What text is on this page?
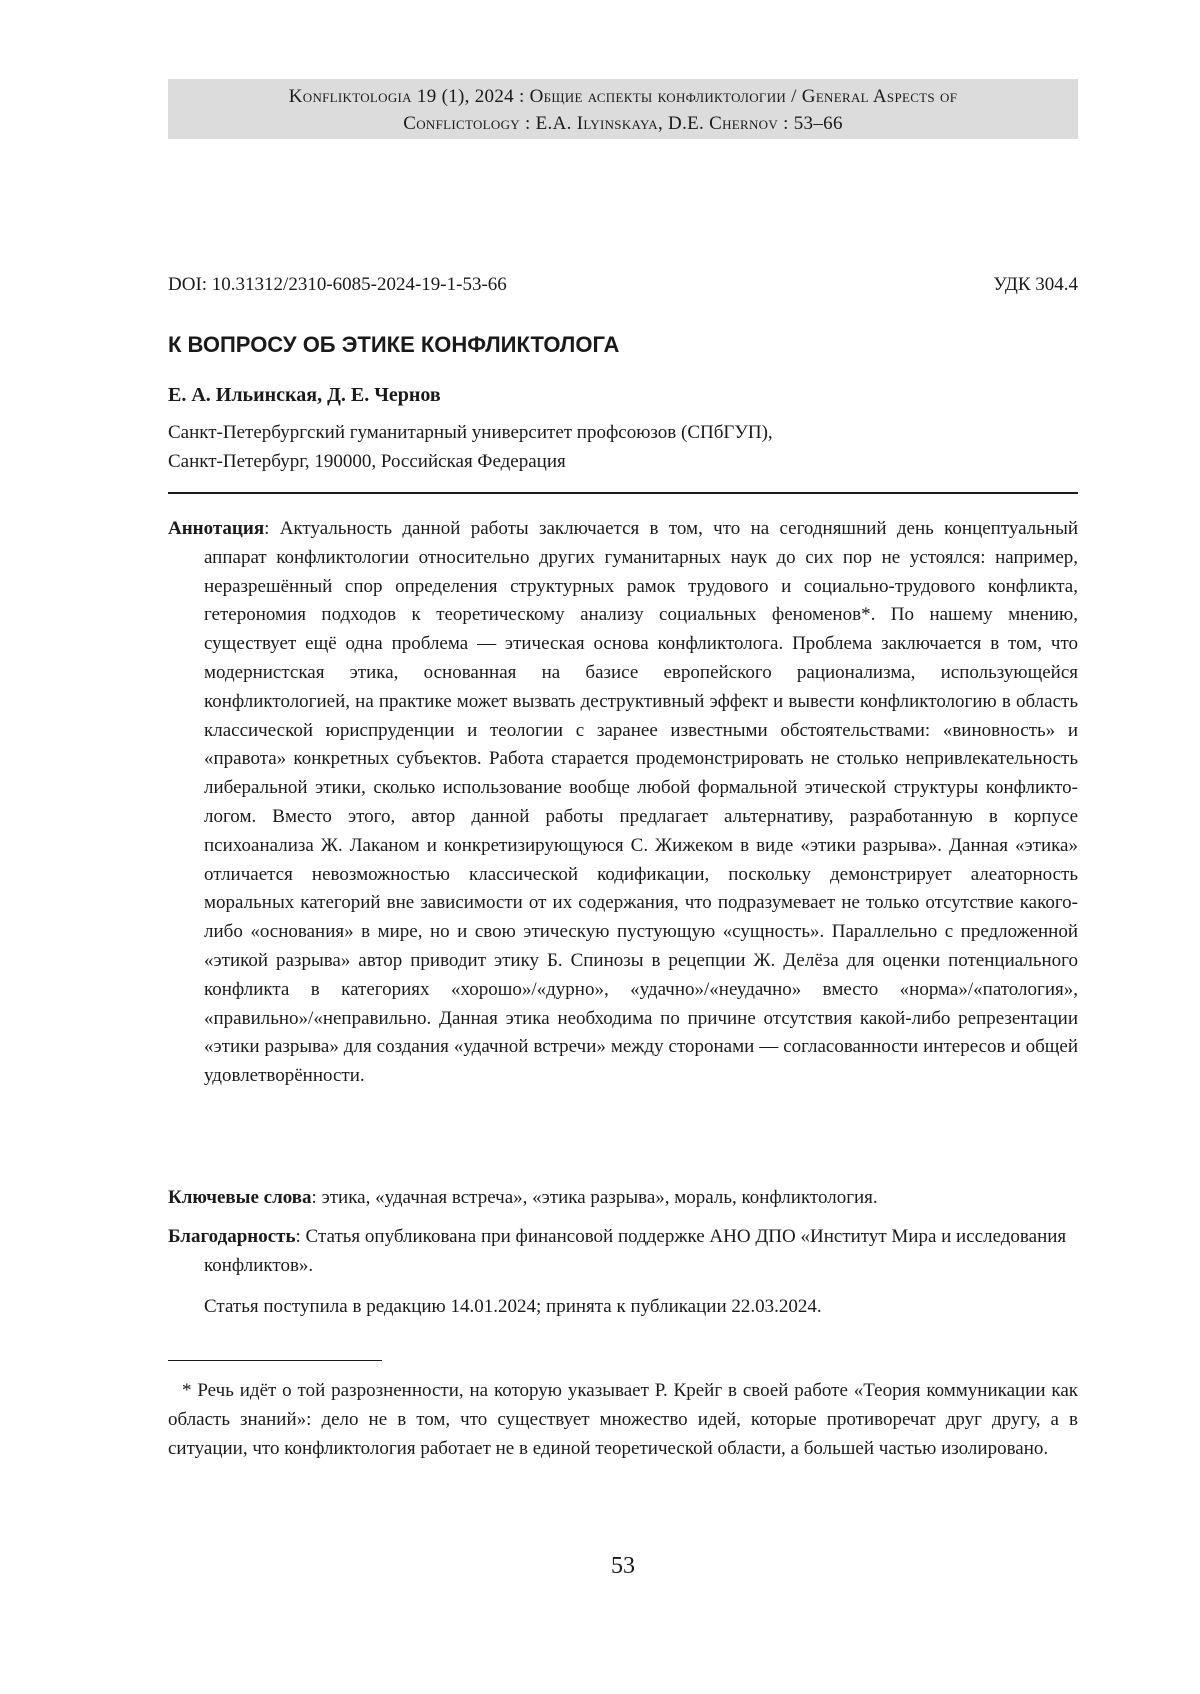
Konfliktologia 19 (1), 2024 : Общие аспекты конфликтологии / General Aspects of
Conflictology : E.A. Ilyinskaya, D.E. Chernov : 53–66
DOI: 10.31312/2310-6085-2024-19-1-53-66	УДК 304.4
К ВОПРОСУ ОБ ЭТИКЕ КОНФЛИКТОЛОГА
Е. А. Ильинская, Д. Е. Чернов
Санкт-Петербургский гуманитарный университет профсоюзов (СПбГУП),
Санкт-Петербург, 190000, Российская Федерация
Аннотация: Актуальность данной работы заключается в том, что на сегодняшний день концептуальный аппарат конфликтологии относительно других гуманитарных наук до сих пор не устоялся: например, неразрешённый спор определения структурных рамок трудового и социально-трудового конфликта, гетерономия подходов к теоретическому анализу социальных феноменов*. По нашему мнению, существует ещё одна проблема — этическая основа конфликтолога. Проблема заключается в том, что модернистская этика, основанная на базисе европейского рационализма, использующейся конфликтологией, на практике может вызвать деструктивный эффект и вывести конфликтологию в область классической юриспруденции и теологии с заранее известными обстоятельствами: «виновность» и «правота» конкретных субъектов. Работа старается продемонстрировать не столько непривлекательность либеральной этики, сколько использование вообще любой формальной этической структуры конфликтологом. Вместо этого, автор данной работы предлагает альтернативу, разработанную в корпусе психоанализа Ж. Лаканом и конкретизирующуюся С. Жижеком в виде «этики разрыва». Данная «этика» отличается невозможностью классической кодификации, поскольку демонстрирует алеаторность моральных категорий вне зависимости от их содержания, что подразумевает не только отсутствие какого-либо «основания» в мире, но и свою этическую пустующую «сущность». Параллельно с предложенной «этикой разрыва» автор приводит этику Б. Спинозы в рецепции Ж. Делёза для оценки потенциального конфликта в категориях «хорошо»/«дурно», «удачно»/«неудачно» вместо «норма»/«патология», «правильно»/«неправильно. Данная этика необходима по причине отсутствия какой-либо репрезентации «этики разрыва» для создания «удачной встречи» между сторонами — согласованности интересов и общей удовлетворённости.
Ключевые слова: этика, «удачная встреча», «этика разрыва», мораль, конфликтология.
Благодарность: Статья опубликована при финансовой поддержке АНО ДПО «Институт Мира и исследования конфликтов».
Статья поступила в редакцию 14.01.2024; принята к публикации 22.03.2024.
* Речь идёт о той разрозненности, на которую указывает Р. Крейг в своей работе «Теория коммуникации как область знаний»: дело не в том, что существует множество идей, которые противоречат друг другу, а в ситуации, что конфликтология работает не в единой теоретической области, а большей частью изолировано.
53
